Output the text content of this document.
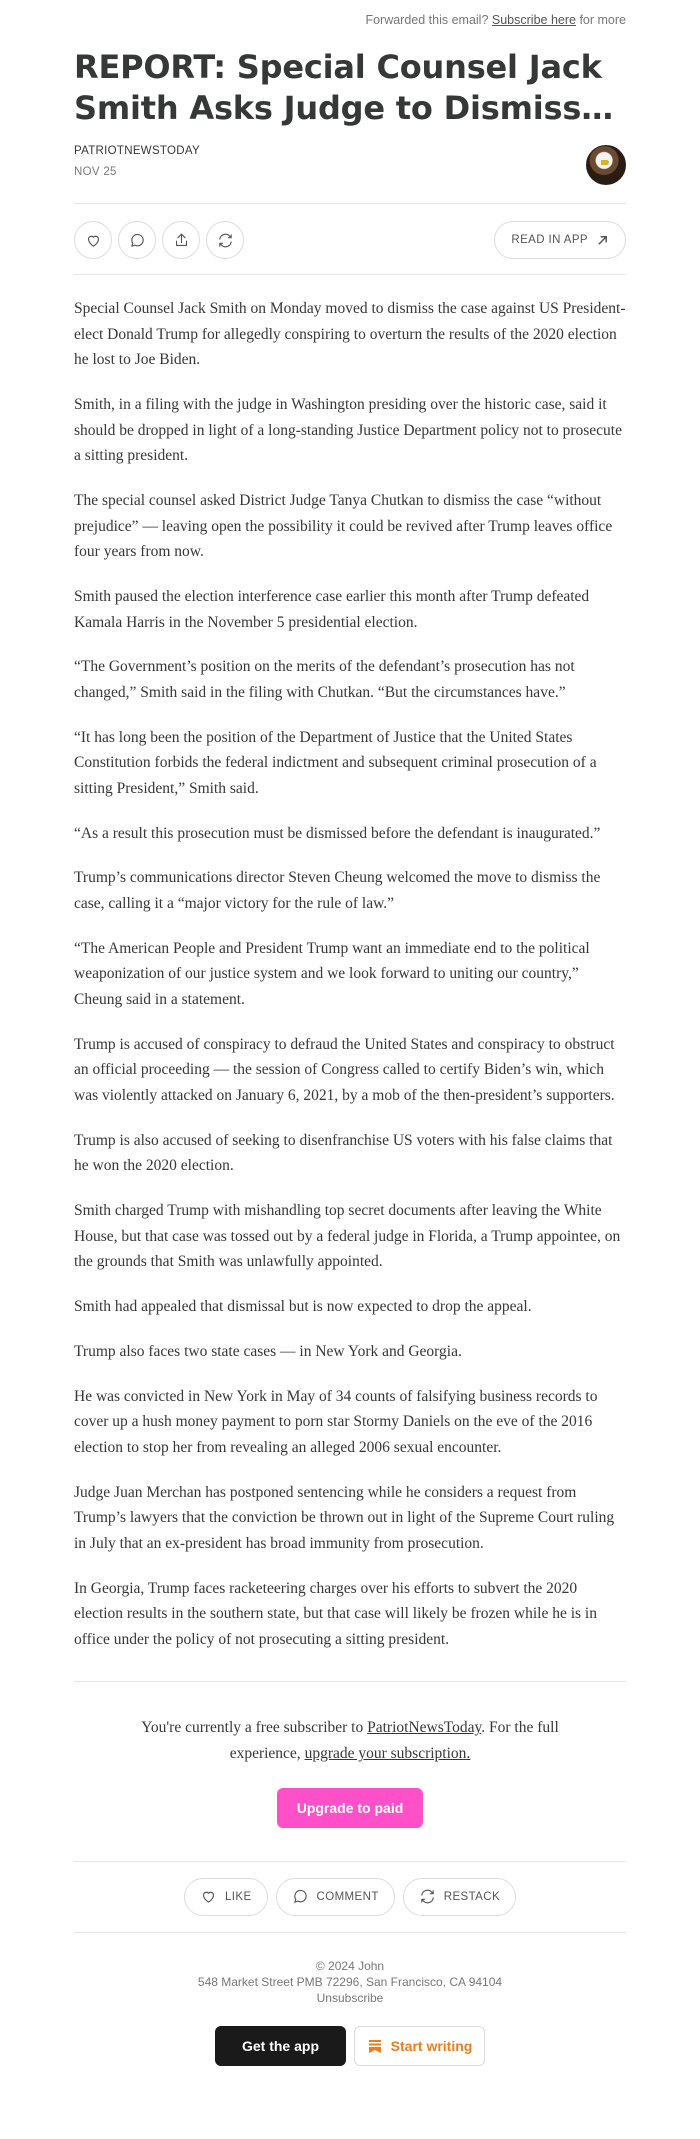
Forwarded this email? Subscribe here for more
REPORT: Special Counsel Jack Smith Asks Judge to Dismiss…
PATRIOTNEWSTODAY
NOV 25
READ IN APP

Special Counsel Jack Smith on Monday moved to dismiss the case against US President-elect Donald Trump for allegedly conspiring to overturn the results of the 2020 election he lost to Joe Biden.

Smith, in a filing with the judge in Washington presiding over the historic case, said it should be dropped in light of a long-standing Justice Department policy not to prosecute a sitting president.

The special counsel asked District Judge Tanya Chutkan to dismiss the case “without prejudice” — leaving open the possibility it could be revived after Trump leaves office four years from now.

Smith paused the election interference case earlier this month after Trump defeated Kamala Harris in the November 5 presidential election.

“The Government’s position on the merits of the defendant’s prosecution has not changed,” Smith said in the filing with Chutkan. “But the circumstances have.”

“It has long been the position of the Department of Justice that the United States Constitution forbids the federal indictment and subsequent criminal prosecution of a sitting President,” Smith said.

“As a result this prosecution must be dismissed before the defendant is inaugurated.”

Trump’s communications director Steven Cheung welcomed the move to dismiss the case, calling it a “major victory for the rule of law.”

“The American People and President Trump want an immediate end to the political weaponization of our justice system and we look forward to uniting our country,” Cheung said in a statement.

Trump is accused of conspiracy to defraud the United States and conspiracy to obstruct an official proceeding — the session of Congress called to certify Biden’s win, which was violently attacked on January 6, 2021, by a mob of the then-president’s supporters.

Trump is also accused of seeking to disenfranchise US voters with his false claims that he won the 2020 election.

Smith charged Trump with mishandling top secret documents after leaving the White House, but that case was tossed out by a federal judge in Florida, a Trump appointee, on the grounds that Smith was unlawfully appointed.

Smith had appealed that dismissal but is now expected to drop the appeal.

Trump also faces two state cases — in New York and Georgia.

He was convicted in New York in May of 34 counts of falsifying business records to cover up a hush money payment to porn star Stormy Daniels on the eve of the 2016 election to stop her from revealing an alleged 2006 sexual encounter.

Judge Juan Merchan has postponed sentencing while he considers a request from Trump’s lawyers that the conviction be thrown out in light of the Supreme Court ruling in July that an ex-president has broad immunity from prosecution.

In Georgia, Trump faces racketeering charges over his efforts to subvert the 2020 election results in the southern state, but that case will likely be frozen while he is in office under the policy of not prosecuting a sitting president.

You're currently a free subscriber to PatriotNewsToday. For the full experience, upgrade your subscription.
Upgrade to paid
LIKE	COMMENT	RESTACK
© 2024 John
548 Market Street PMB 72296, San Francisco, CA 94104
Unsubscribe
Get the app	Start writing
